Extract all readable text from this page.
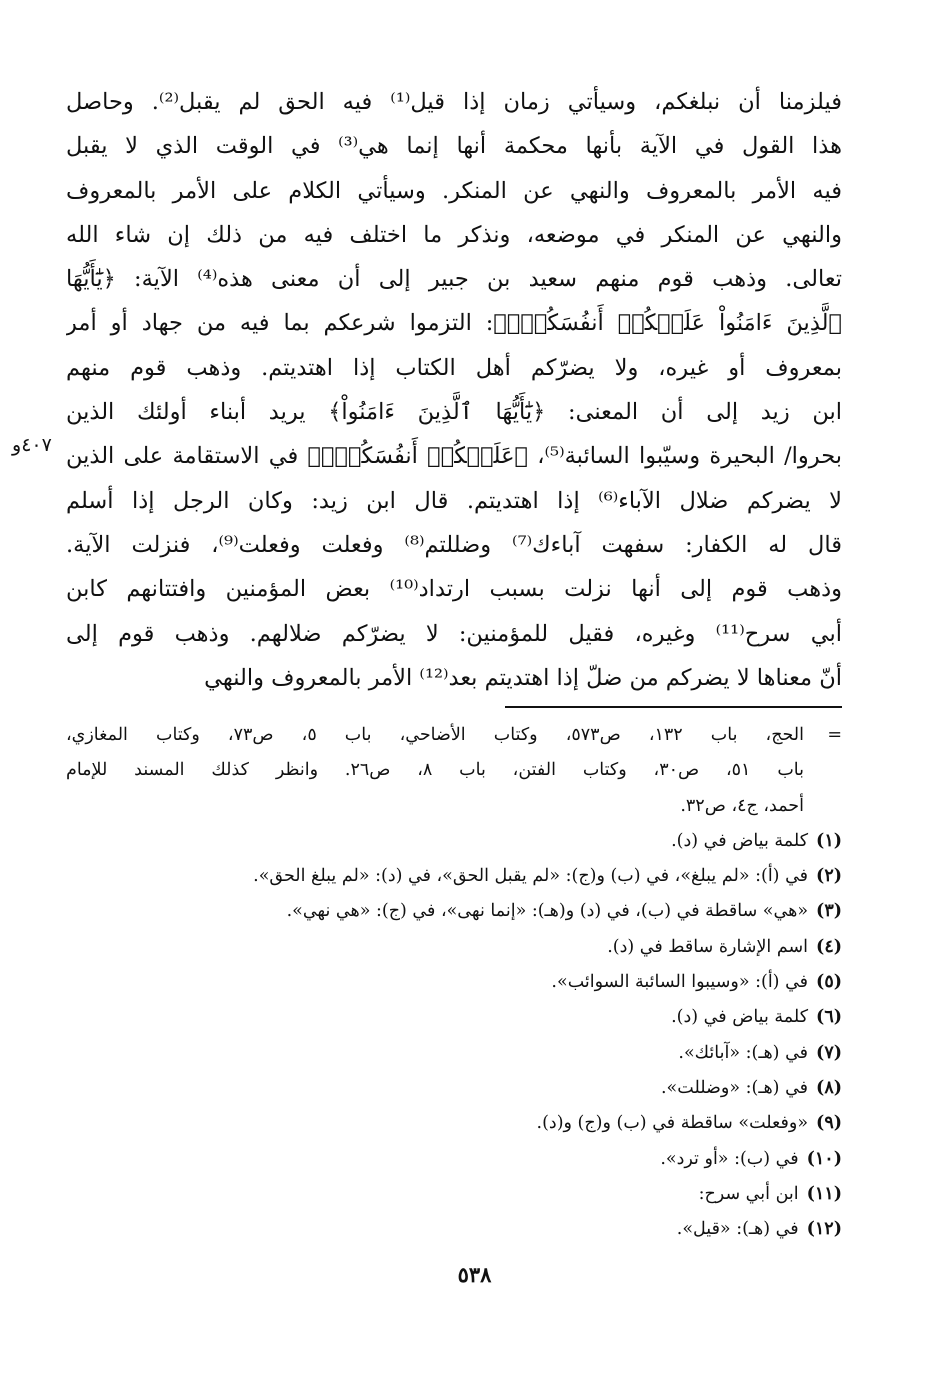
فيلزمنا أن نبلغكم، وسيأتي زمان إذا قيل⁽¹⁾ فيه الحق لم يقبل⁽²⁾. وحاصل
هذا القول في الآية بأنها محكمة أنها إنما هي⁽³⁾ في الوقت الذي لا يقبل
فيه الأمر بالمعروف والنهي عن المنكر. وسيأتي الكلام على الأمر بالمعروف
والنهي عن المنكر في موضعه، ونذكر ما اختلف فيه من ذلك إن شاء الله
تعالى. وذهب قوم منهم سعيد بن جبير إلى أن معنى هذه⁽⁴⁾ الآية: ﴿يَٰٓأَيُّهَا
ٱلَّذِينَ ءَامَنُواْ عَلَيۡكُمۡ أَنفُسَكُمۡۖ﴾: التزموا شرعكم بما فيه من جهاد أو أمر
بمعروف أو غيره، ولا يضرّكم أهل الكتاب إذا اهتديتم. وذهب قوم منهم
ابن زيد إلى أن المعنى: ﴿يَٰٓأَيُّهَا ٱلَّذِينَ ءَامَنُواْ﴾ يريد أبناء أولئك الذين
بحروا/ البحيرة وسيّبوا السائبة⁽⁵⁾، ﴿عَلَيۡكُمۡ أَنفُسَكُمۡۖ﴾ في الاستقامة على الذين
لا يضركم ضلال الآباء⁽⁶⁾ إذا اهتديتم. قال ابن زيد: وكان الرجل إذا أسلم
قال له الكفار: سفهت آباءك⁽⁷⁾ وضللتم⁽⁸⁾ وفعلت وفعلت⁽⁹⁾، فنزلت الآية.
وذهب قوم إلى أنها نزلت بسبب ارتداد⁽¹⁰⁾ بعض المؤمنين وافتتانهم كابن
أبي سرح⁽¹¹⁾ وغيره، فقيل للمؤمنين: لا يضرّكم ضلالهم. وذهب قوم إلى
أنّ معناها لا يضركم من ضلّ إذا اهتديتم بعد⁽¹²⁾ الأمر بالمعروف والنهي
٤٠٧و
=الحج، باب ١٣٢، ص٥٧٣، وكتاب الأضاحي، باب ٥، ص٧٣، وكتاب المغازي،
باب ٥١، ص٣٠، وكتاب الفتن، باب ٨، ص٢٦. وانظر كذلك المسند للإمام
أحمد، ج٤، ص٣٢.
(١)كلمة بياض في (د).
(٢)في (أ): «لم يبلغ»، في (ب) و(ج): «لم يقبل الحق»، في (د): «لم يبلغ الحق».
(٣)«هي» ساقطة في (ب)، في (د) و(هـ): «إنما نهى»، في (ج): «هي نهي».
(٤)اسم الإشارة ساقط في (د).
(٥)في (أ): «وسيبوا السائبة السوائب».
(٦)كلمة بياض في (د).
(٧)في (هـ): «آبائك».
(٨)في (هـ): «وضللت».
(٩)«وفعلت» ساقطة في (ب) و(ج) و(د).
(١٠)في (ب): «أو ترد».
(١١)ابن أبي سرح:
(١٢)في (هـ): «قيل».
٥٣٨
